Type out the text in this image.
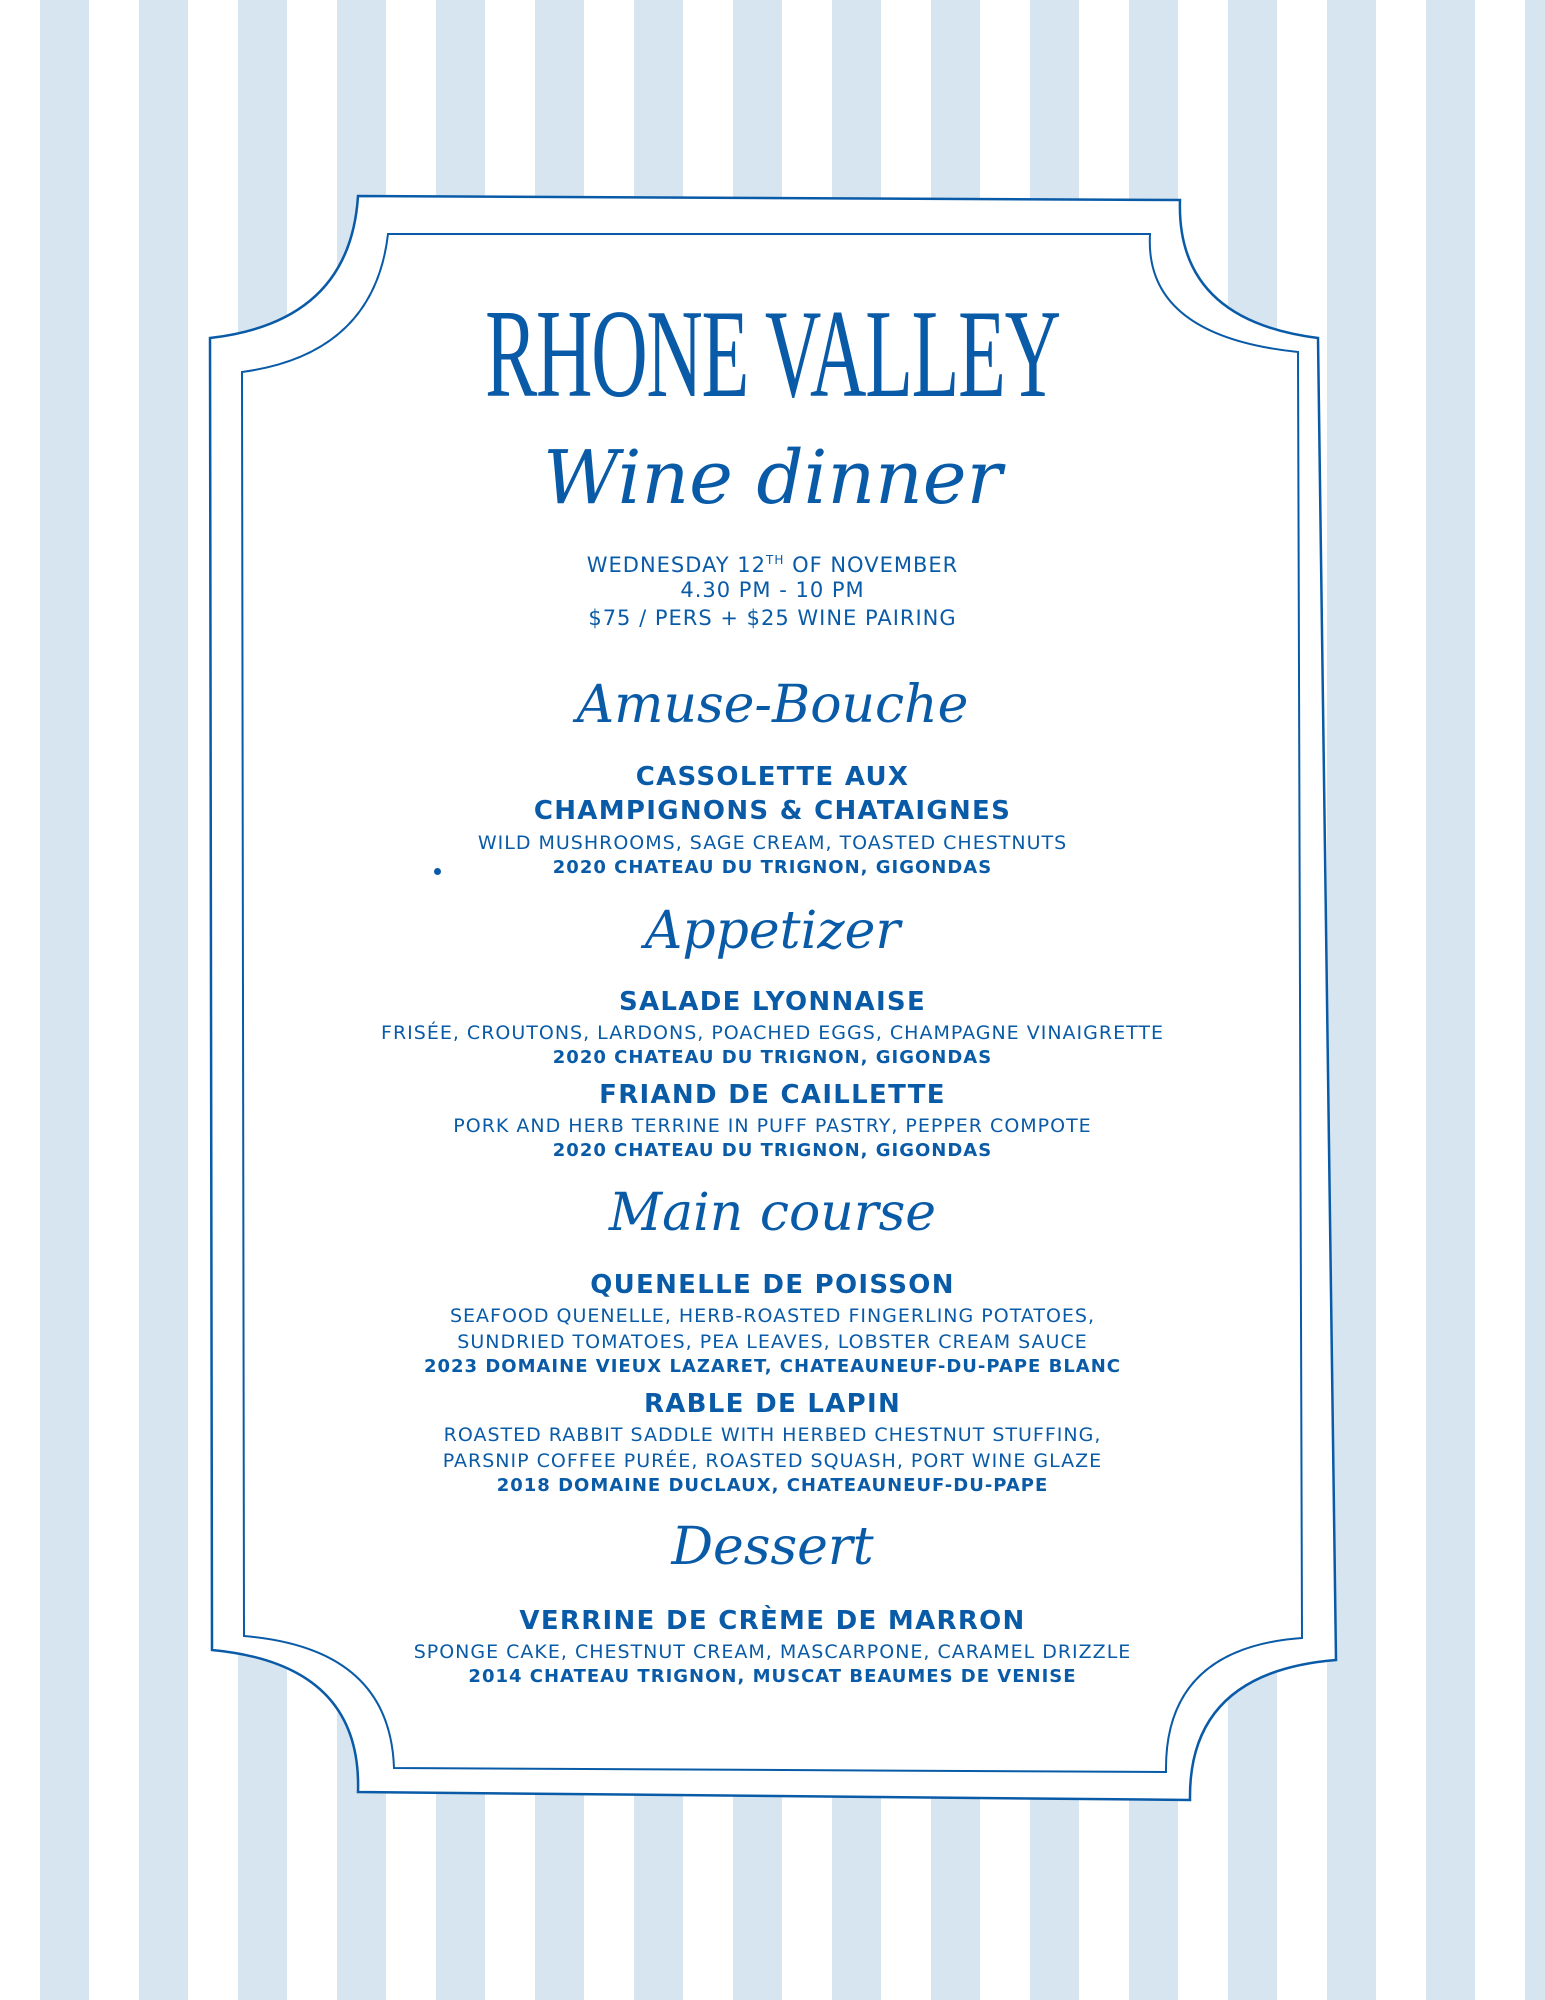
RHONE VALLEY
Wine dinner

WEDNESDAY 12TH OF NOVEMBER

4.30 PM - 10 PM

$75 / PERS + $25 WINE PAIRING

Amuse-Bouche

CASSOLETTE AUX

CHAMPIGNONS & CHATAIGNES

WILD MUSHROOMS, SAGE CREAM, TOASTED CHESTNUTS

2020 CHATEAU DU TRIGNON, GIGONDAS

Appetizer

SALADE LYONNAISE

FRISÉE, CROUTONS, LARDONS, POACHED EGGS, CHAMPAGNE VINAIGRETTE

2020 CHATEAU DU TRIGNON, GIGONDAS

FRIAND DE CAILLETTE

PORK AND HERB TERRINE IN PUFF PASTRY, PEPPER COMPOTE

2020 CHATEAU DU TRIGNON, GIGONDAS

Main course

QUENELLE DE POISSON

SEAFOOD QUENELLE, HERB-ROASTED FINGERLING POTATOES,

SUNDRIED TOMATOES, PEA LEAVES, LOBSTER CREAM SAUCE

2023 DOMAINE VIEUX LAZARET, CHATEAUNEUF-DU-PAPE BLANC

RABLE DE LAPIN

ROASTED RABBIT SADDLE WITH HERBED CHESTNUT STUFFING,

PARSNIP COFFEE PURÉE, ROASTED SQUASH, PORT WINE GLAZE

2018 DOMAINE DUCLAUX, CHATEAUNEUF-DU-PAPE

Dessert

VERRINE DE CRÈME DE MARRON

SPONGE CAKE, CHESTNUT CREAM, MASCARPONE, CARAMEL DRIZZLE

2014 CHATEAU TRIGNON, MUSCAT BEAUMES DE VENISE
